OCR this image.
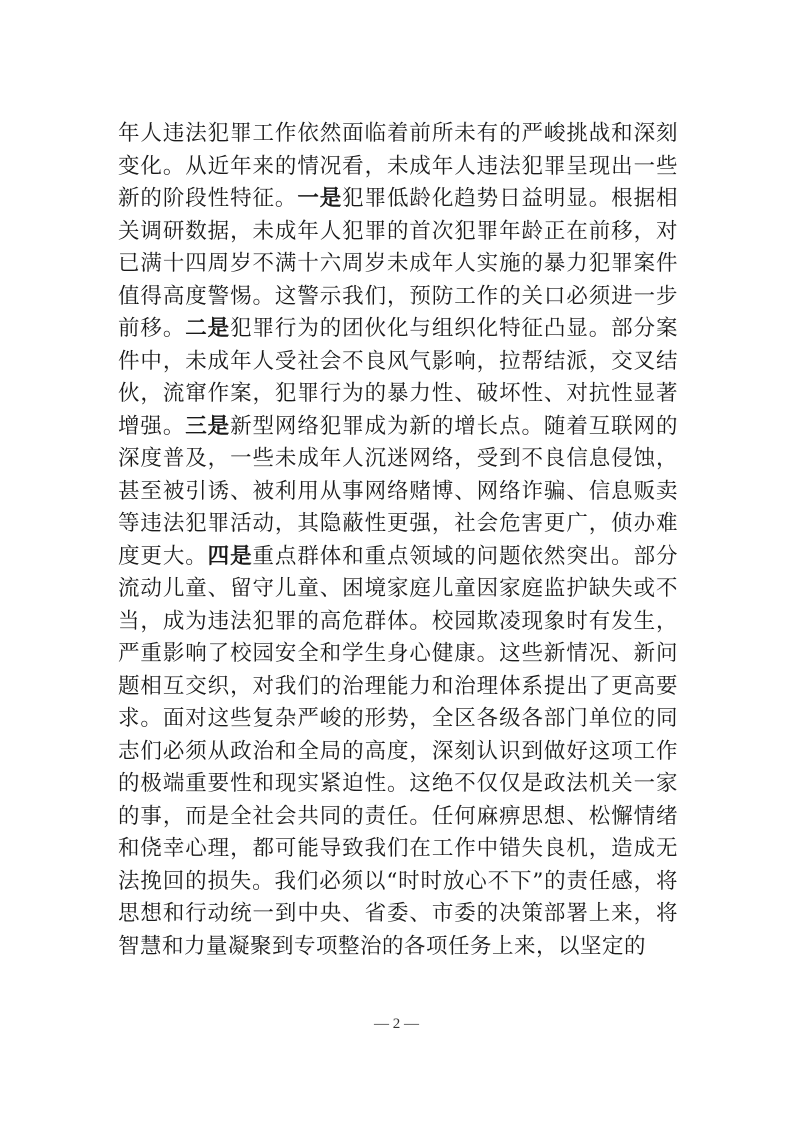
年人违法犯罪工作依然面临着前所未有的严峻挑战和深刻变化。从近年来的情况看，未成年人违法犯罪呈现出一些新的阶段性特征。一是犯罪低龄化趋势日益明显。根据相关调研数据，未成年人犯罪的首次犯罪年龄正在前移，对已满十四周岁不满十六周岁未成年人实施的暴力犯罪案件值得高度警惕。这警示我们，预防工作的关口必须进一步前移。二是犯罪行为的团伙化与组织化特征凸显。部分案件中，未成年人受社会不良风气影响，拉帮结派，交叉结伙，流窜作案，犯罪行为的暴力性、破坏性、对抗性显著增强。三是新型网络犯罪成为新的增长点。随着互联网的深度普及，一些未成年人沉迷网络，受到不良信息侵蚀，甚至被引诱、被利用从事网络赌博、网络诈骗、信息贩卖等违法犯罪活动，其隐蔽性更强，社会危害更广，侦办难度更大。四是重点群体和重点领域的问题依然突出。部分流动儿童、留守儿童、困境家庭儿童因家庭监护缺失或不当，成为违法犯罪的高危群体。校园欺凌现象时有发生，严重影响了校园安全和学生身心健康。这些新情况、新问题相互交织，对我们的治理能力和治理体系提出了更高要求。面对这些复杂严峻的形势，全区各级各部门单位的同志们必须从政治和全局的高度，深刻认识到做好这项工作的极端重要性和现实紧迫性。这绝不仅仅是政法机关一家的事，而是全社会共同的责任。任何麻痹思想、松懈情绪和侥幸心理，都可能导致我们在工作中错失良机，造成无法挽回的损失。我们必须以“时时放心不下”的责任感，将思想和行动统一到中央、省委、市委的决策部署上来，将智慧和力量凝聚到专项整治的各项任务上来，以坚定的

— 2 —
